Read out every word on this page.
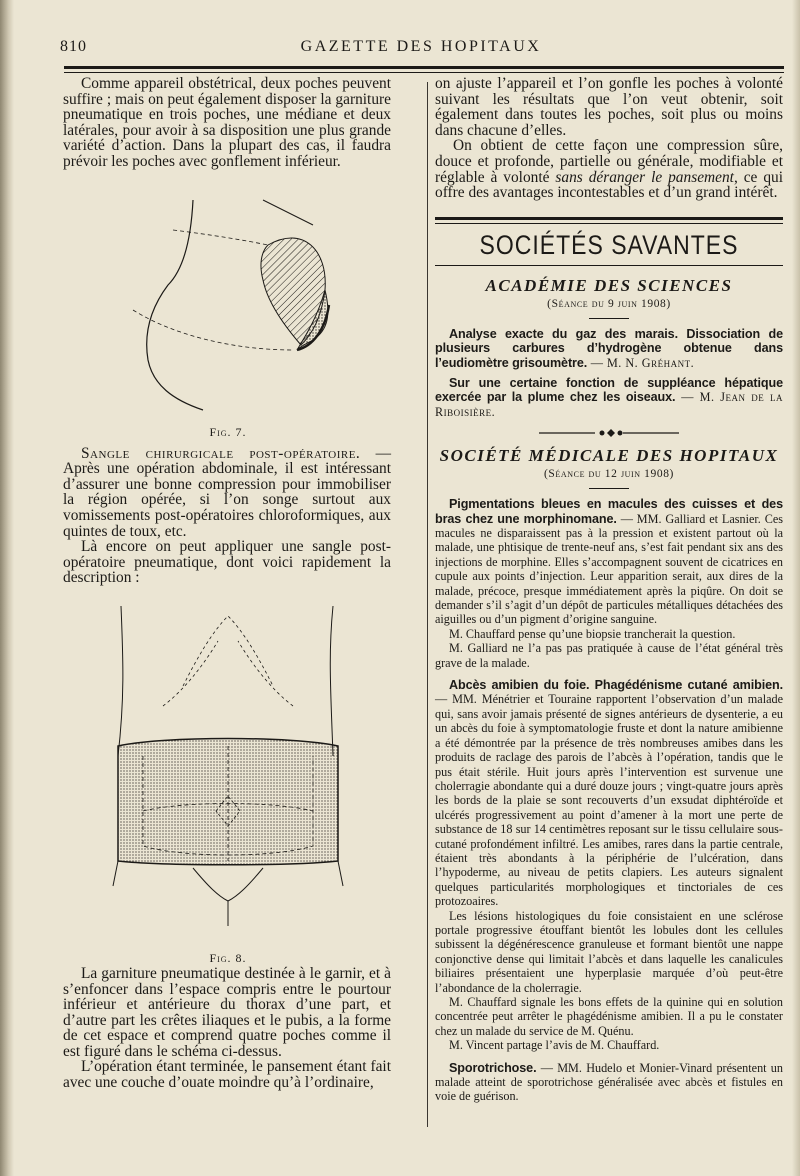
810	GAZETTE DES HOPITAUX

Comme appareil obstétrical, deux poches peuvent suffire ; mais on peut également disposer la garniture pneumatique en trois poches, une médiane et deux latérales, pour avoir à sa disposition une plus grande variété d’action. Dans la plupart des cas, il faudra prévoir les poches avec gonflement inférieur.

Fig. 7.

Sangle chirurgicale post-opératoire. — Après une opération abdominale, il est intéressant d’assurer une bonne compression pour immobiliser la région opérée, si l’on songe surtout aux vomissements post-opératoires chloroformiques, aux quintes de toux, etc.

Là encore on peut appliquer une sangle post-opératoire pneumatique, dont voici rapidement la description :

Fig. 8.

La garniture pneumatique destinée à le garnir, et à s’enfoncer dans l’espace compris entre le pourtour inférieur et antérieure du thorax d’une part, et d’autre part les crêtes iliaques et le pubis, a la forme de cet espace et comprend quatre poches comme il est figuré dans le schéma ci-dessus.

L’opération étant terminée, le pansement étant fait avec une couche d’ouate moindre qu’à l’ordinaire,

on ajuste l’appareil et l’on gonfle les poches à volonté suivant les résultats que l’on veut obtenir, soit également dans toutes les poches, soit plus ou moins dans chacune d’elles.

On obtient de cette façon une compression sûre, douce et profonde, partielle ou générale, modifiable et réglable à volonté sans déranger le pansement, ce qui offre des avantages incontestables et d’un grand intérêt.

SOCIÉTÉS SAVANTES
ACADÉMIE DES SCIENCES
(Séance du 9 juin 1908)

Analyse exacte du gaz des marais. Dissociation de plusieurs carbures d’hydrogène obtenue dans l’eudiomètre grisoumètre. — M. N. Gréhant.

Sur une certaine fonction de suppléance hépatique exercée par la plume chez les oiseaux. — M. Jean de la Riboisière.

SOCIÉTÉ MÉDICALE DES HOPITAUX
(Séance du 12 juin 1908)

Pigmentations bleues en macules des cuisses et des bras chez une morphinomane. — MM. Galliard et Lasnier. Ces macules ne disparaissent pas à la pression et existent partout où la malade, une phtisique de trente-neuf ans, s’est fait pendant six ans des injections de morphine. Elles s’accompagnent souvent de cicatrices en cupule aux points d’injection. Leur apparition serait, aux dires de la malade, précoce, presque immédiatement après la piqûre. On doit se demander s’il s’agit d’un dépôt de particules métalliques détachées des aiguilles ou d’un pigment d’origine sanguine.

M. Chauffard pense qu’une biopsie trancherait la question.

M. Galliard ne l’a pas pas pratiquée à cause de l’état général très grave de la malade.

Abcès amibien du foie. Phagédénisme cutané amibien. — MM. Ménétrier et Touraine rapportent l’observation d’un malade qui, sans avoir jamais présenté de signes antérieurs de dysenterie, a eu un abcès du foie à symptomatologie fruste et dont la nature amibienne a été démontrée par la présence de très nombreuses amibes dans les produits de raclage des parois de l’abcès à l’opération, tandis que le pus était stérile. Huit jours après l’intervention est survenue une cholerragie abondante qui a duré douze jours ; vingt-quatre jours après les bords de la plaie se sont recouverts d’un exsudat diphtéroïde et ulcérés progressivement au point d’amener à la mort une perte de substance de 18 sur 14 centimètres reposant sur le tissu cellulaire sous-cutané profondément infiltré. Les amibes, rares dans la partie centrale, étaient très abondants à la périphérie de l’ulcération, dans l’hypoderme, au niveau de petits clapiers. Les auteurs signalent quelques particularités morphologiques et tinctoriales de ces protozoaires.

Les lésions histologiques du foie consistaient en une sclérose portale progressive étouffant bientôt les lobules dont les cellules subissent la dégénérescence granuleuse et formant bientôt une nappe conjonctive dense qui limitait l’abcès et dans laquelle les canalicules biliaires présentaient une hyperplasie marquée d’où peut-être l’abondance de la cholerragie.

M. Chauffard signale les bons effets de la quinine qui en solution concentrée peut arrêter le phagédénisme amibien. Il a pu le constater chez un malade du service de M. Quénu.

M. Vincent partage l’avis de M. Chauffard.

Sporotrichose. — MM. Hudelo et Monier-Vinard présentent un malade atteint de sporotrichose généralisée avec abcès et fistules en voie de guérison.
